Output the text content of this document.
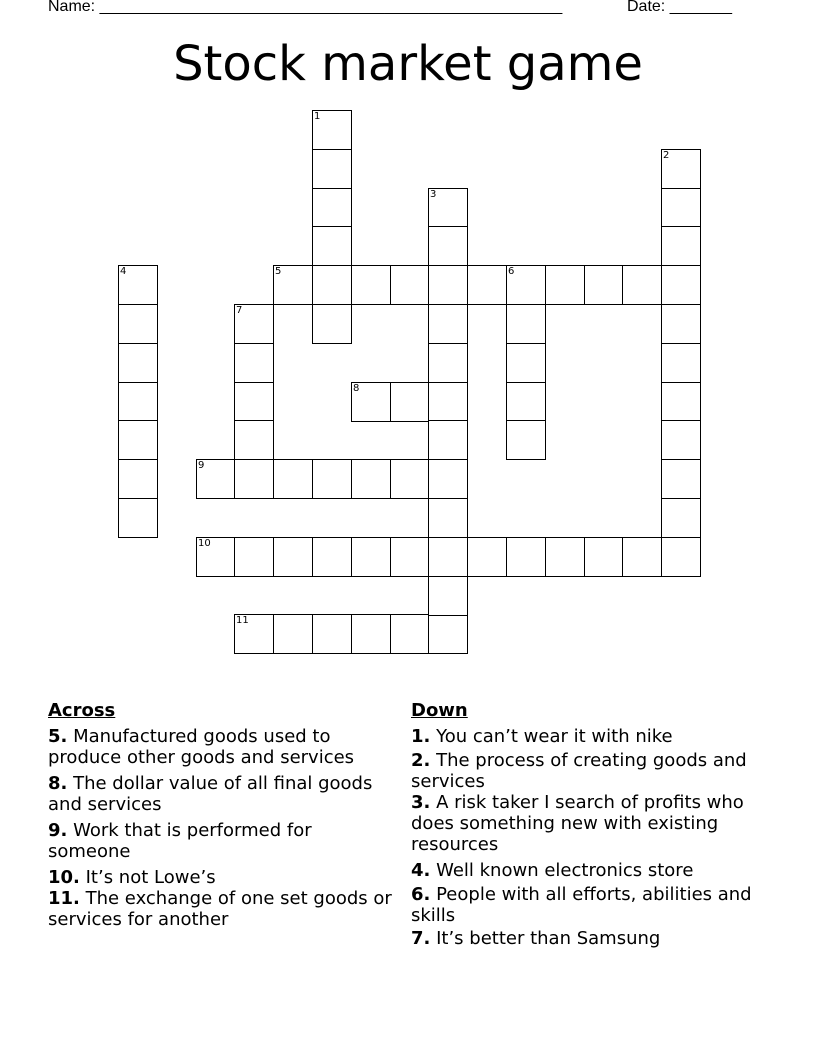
Name: ____________________________________________________	Date: _______
Stock market game
5	6
8
9
10
11
1
2
3
4
7
Across
5. Manufactured goods used to produce other goods and services
8. The dollar value of all final goods and services
9. Work that is performed for someone
10. It’s not Lowe’s
11. The exchange of one set goods or services for another
Down
1. You can’t wear it with nike
2. The process of creating goods and services
3. A risk taker I search of profits who does something new with existing resources
4. Well known electronics store
6. People with all efforts, abilities and skills
7. It’s better than Samsung
